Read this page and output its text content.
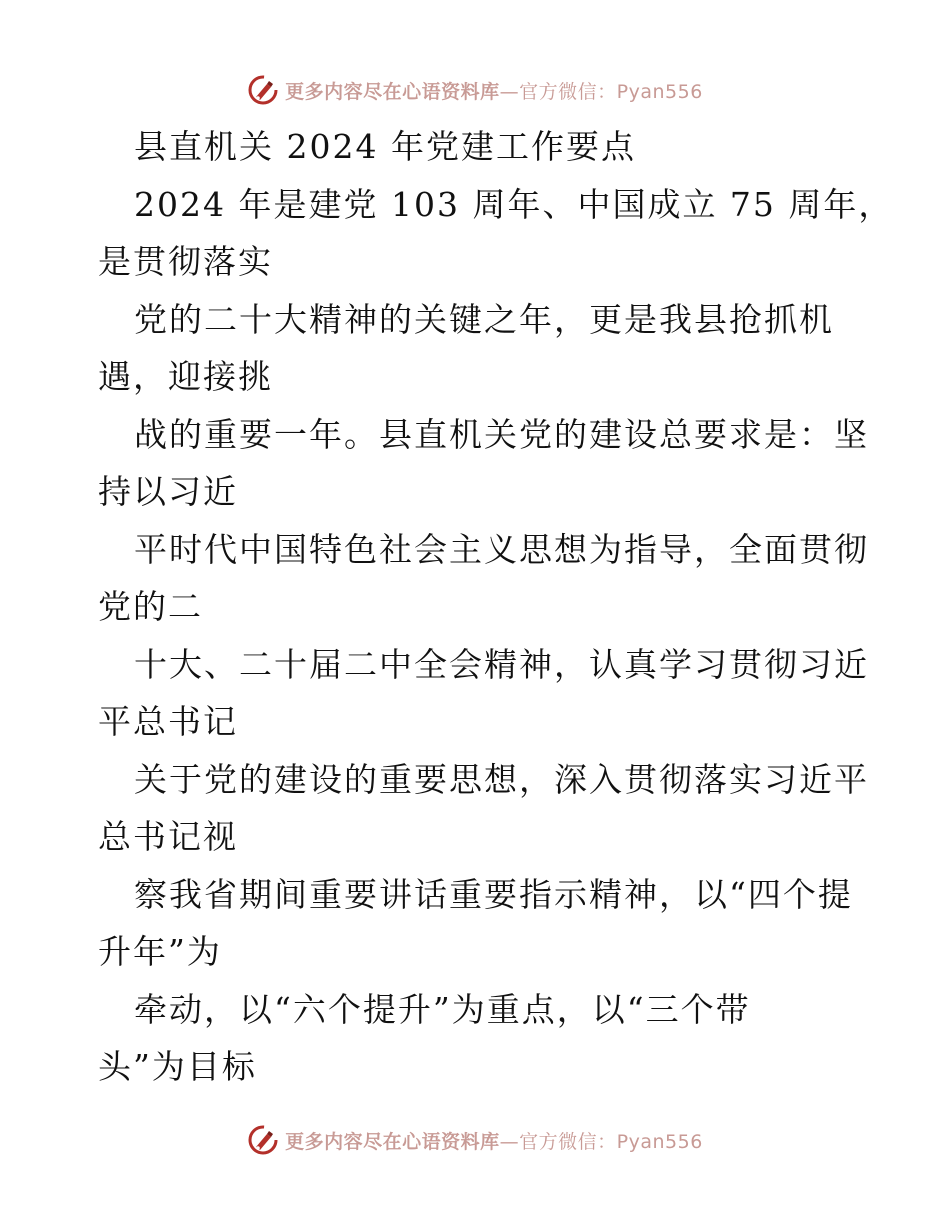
更多内容尽在心语资料库—官方微信：Pyan556
县直机关 2024 年党建工作要点
2024 年是建党 103 周年、中国成立 75 周年，
是贯彻落实
党的二十大精神的关键之年，更是我县抢抓机
遇，迎接挑
战的重要一年。县直机关党的建设总要求是：坚
持以习近
平时代中国特色社会主义思想为指导，全面贯彻
党的二
十大、二十届二中全会精神，认真学习贯彻习近
平总书记
关于党的建设的重要思想，深入贯彻落实习近平
总书记视
察我省期间重要讲话重要指示精神，以“四个提
升年”为
牵动，以“六个提升”为重点，以“三个带
头”为目标
更多内容尽在心语资料库—官方微信：Pyan556
